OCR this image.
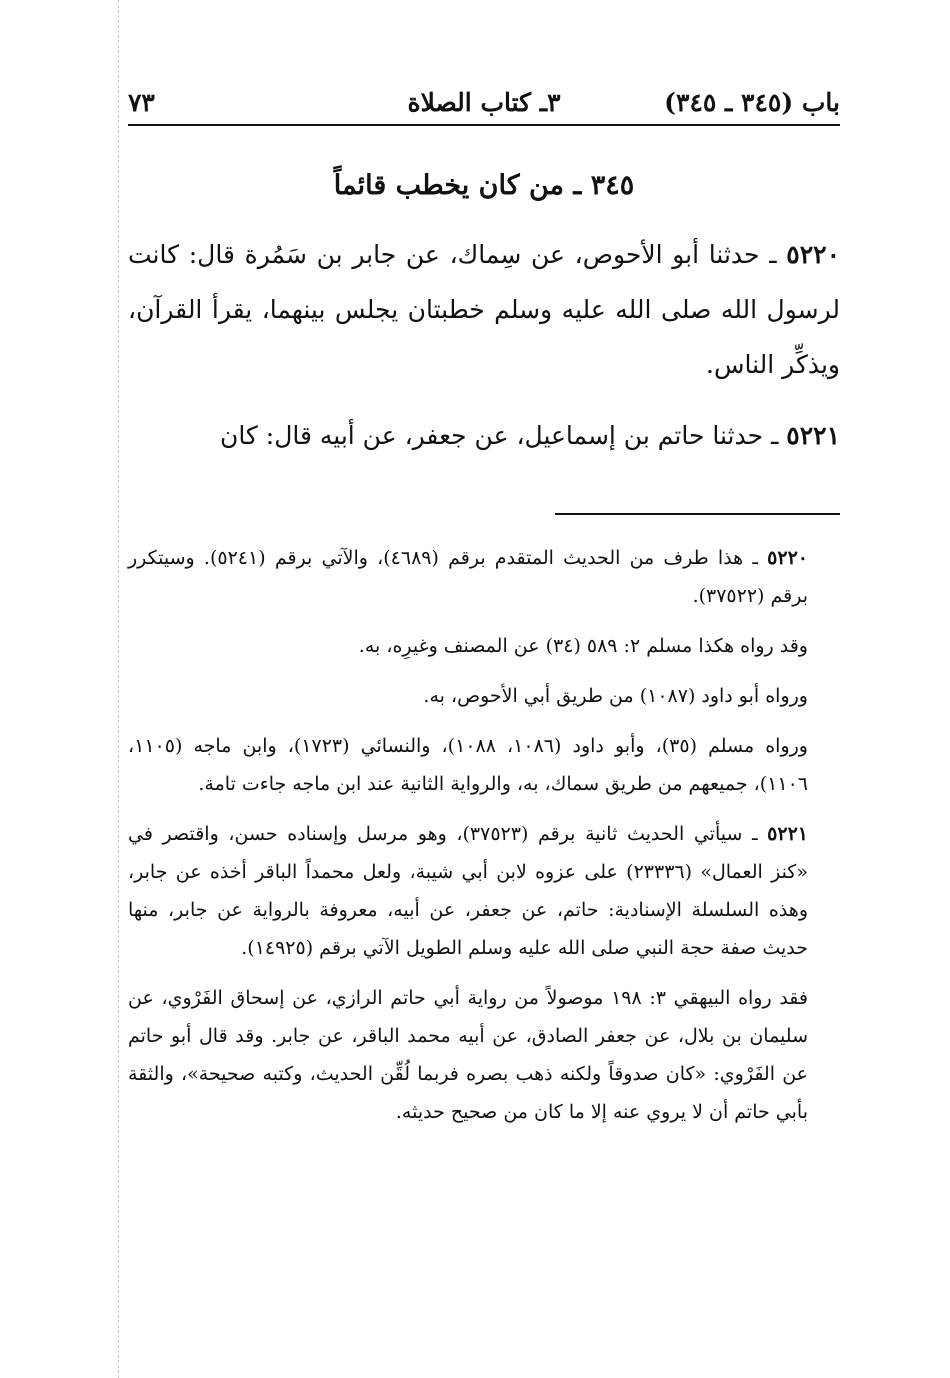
باب (٣٤٥ ـ ٣٤٥)
٣ـ كتاب الصلاة
٧٣
٣٤٥ ـ من كان يخطب قائماً

٥٢٢٠ ـ حدثنا أبو الأحوص، عن سِماك، عن جابر بن سَمُرة قال: كانت لرسول الله صلى الله عليه وسلم خطبتان يجلس بينهما، يقرأ القرآن، ويذكِّر الناس.

٥٢٢١ ـ حدثنا حاتم بن إسماعيل، عن جعفر، عن أبيه قال: كان

٥٢٢٠ ـ هذا طرف من الحديث المتقدم برقم (٤٦٨٩)، والآتي برقم (٥٢٤١). وسيتكرر برقم (٣٧٥٢٢).

وقد رواه هكذا مسلم ٢: ٥٨٩ (٣٤) عن المصنف وغيرِه، به.

ورواه أبو داود (١٠٨٧) من طريق أبي الأحوص، به.

ورواه مسلم (٣٥)، وأبو داود (١٠٨٦، ١٠٨٨)، والنسائي (١٧٢٣)، وابن ماجه (١١٠٥، ١١٠٦)، جميعهم من طريق سماك، به، والرواية الثانية عند ابن ماجه جاءت تامة.

٥٢٢١ ـ سيأتي الحديث ثانية برقم (٣٧٥٢٣)، وهو مرسل وإسناده حسن، واقتصر في «كنز العمال» (٢٣٣٣٦) على عزوه لابن أبي شيبة، ولعل محمداً الباقر أخذه عن جابر، وهذه السلسلة الإسنادية: حاتم، عن جعفر، عن أبيه، معروفة بالرواية عن جابر، منها حديث صفة حجة النبي صلى الله عليه وسلم الطويل الآتي برقم (١٤٩٢٥).

فقد رواه البيهقي ٣: ١٩٨ موصولاً من رواية أبي حاتم الرازي، عن إسحاق الفَرْوي، عن سليمان بن بلال، عن جعفر الصادق، عن أبيه محمد الباقر، عن جابر. وقد قال أبو حاتم عن الفَرْوي: «كان صدوقاً ولكنه ذهب بصره فربما لُقِّن الحديث، وكتبه صحيحة»، والثقة بأبي حاتم أن لا يروي عنه إلا ما كان من صحيح حديثه.
